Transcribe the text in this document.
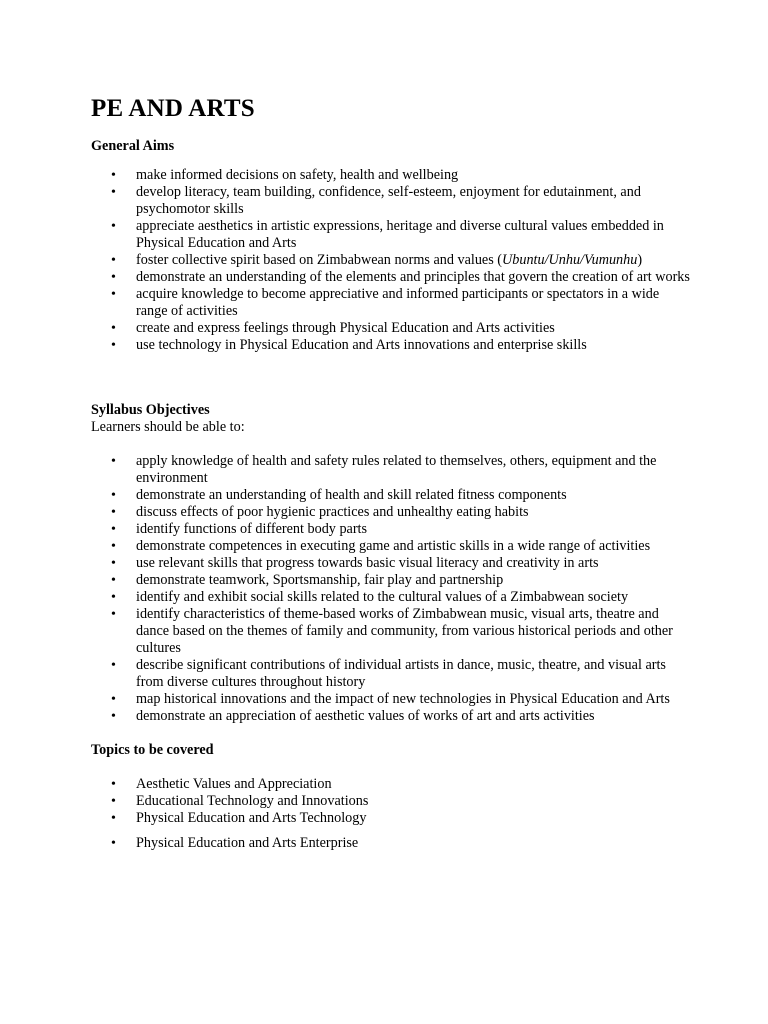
PE AND ARTS

General Aims

• make informed decisions on safety, health and wellbeing
• develop literacy, team building, confidence, self-esteem, enjoyment for edutainment, and psychomotor skills
• appreciate aesthetics in artistic expressions, heritage and diverse cultural values embedded in Physical Education and Arts
• foster collective spirit based on Zimbabwean norms and values (Ubuntu/Unhu/Vumunhu)
• demonstrate an understanding of the elements and principles that govern the creation of art works
• acquire knowledge to become appreciative and informed participants or spectators in a wide range of activities
• create and express feelings through Physical Education and Arts activities
• use technology in Physical Education and Arts innovations and enterprise skills

Syllabus Objectives

Learners should be able to:

• apply knowledge of health and safety rules related to themselves, others, equipment and the environment
• demonstrate an understanding of health and skill related fitness components
• discuss effects of poor hygienic practices and unhealthy eating habits
• identify functions of different body parts
• demonstrate competences in executing game and artistic skills in a wide range of activities
• use relevant skills that progress towards basic visual literacy and creativity in arts
• demonstrate teamwork, Sportsmanship, fair play and partnership
• identify and exhibit social skills related to the cultural values of a Zimbabwean society
• identify characteristics of theme-based works of Zimbabwean music, visual arts, theatre and dance based on the themes of family and community, from various historical periods and other cultures
• describe significant contributions of individual artists in dance, music, theatre, and visual arts from diverse cultures throughout history
• map historical innovations and the impact of new technologies in Physical Education and Arts
• demonstrate an appreciation of aesthetic values of works of art and arts activities

Topics to be covered

• Aesthetic Values and Appreciation
• Educational Technology and Innovations
• Physical Education and Arts Technology
• Physical Education and Arts Enterprise
